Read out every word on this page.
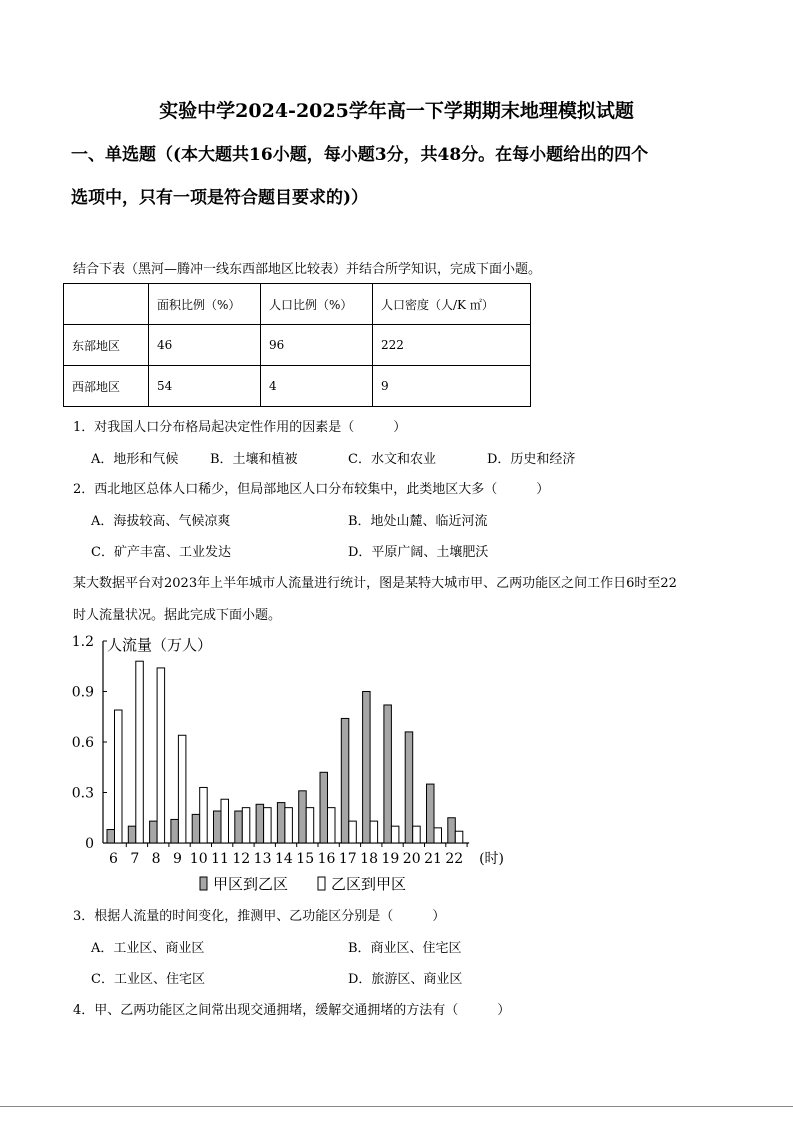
实验中学2024-2025学年高一下学期期末地理模拟试题
一、单选题（(本大题共16小题，每小题3分，共48分。在每小题给出的四个
选项中，只有一项是符合题目要求的)）
结合下表（黑河—腾冲一线东西部地区比较表）并结合所学知识，完成下面小题。
	面积比例（%）	人口比例（%）	人口密度（人/K ㎡）
东部地区	46	96	222
西部地区	54	4	9
1．对我国人口分布格局起决定性作用的因素是（　　　）
A．地形和气候 B．土壤和植被	C．水文和农业	D．历史和经济
2．西北地区总体人口稀少，但局部地区人口分布较集中，此类地区大多（　　　）
A．海拔较高、气候凉爽	B．地处山麓、临近河流
C．矿产丰富、工业发达	D．平原广阔、土壤肥沃
某大数据平台对2023年上半年城市人流量进行统计，图是某特大城市甲、乙两功能区之间工作日6时至22
时人流量状况。据此完成下面小题。
0
0.3
0.6
0.9
1.2 人流量（万人）
6 7 8 9 10 11 12 13 14 15 16 17 18 19 20 21 22 (时)
甲区到乙区	乙区到甲区
3．根据人流量的时间变化，推测甲、乙功能区分别是（　　　）
A．工业区、商业区	B．商业区、住宅区
C．工业区、住宅区	D．旅游区、商业区
4．甲、乙两功能区之间常出现交通拥堵，缓解交通拥堵的方法有（　　　）
